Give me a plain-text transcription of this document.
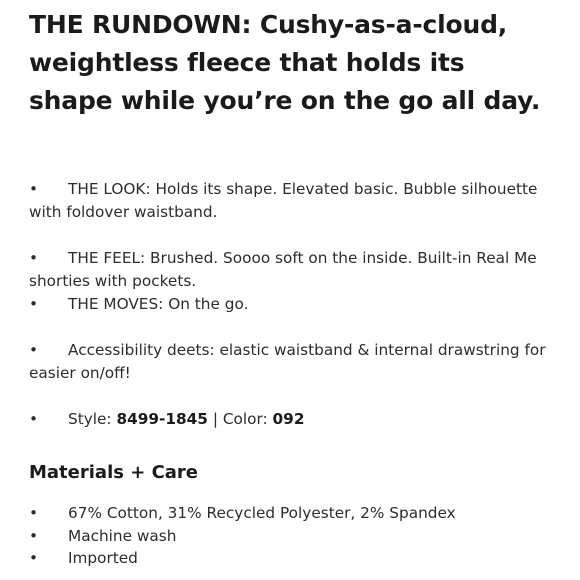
THE RUNDOWN: Cushy-as-a-cloud, weightless fleece that holds its shape while you’re on the go all day.
• THE LOOK: Holds its shape. Elevated basic. Bubble silhouette with foldover waistband.
• THE FEEL: Brushed. Soooo soft on the inside. Built-in Real Me shorties with pockets.
• THE MOVES: On the go.
• Accessibility deets: elastic waistband & internal drawstring for easier on/off!
• Style: 8499-1845 | Color: 092
Materials + Care
• 67% Cotton, 31% Recycled Polyester, 2% Spandex
• Machine wash
• Imported
